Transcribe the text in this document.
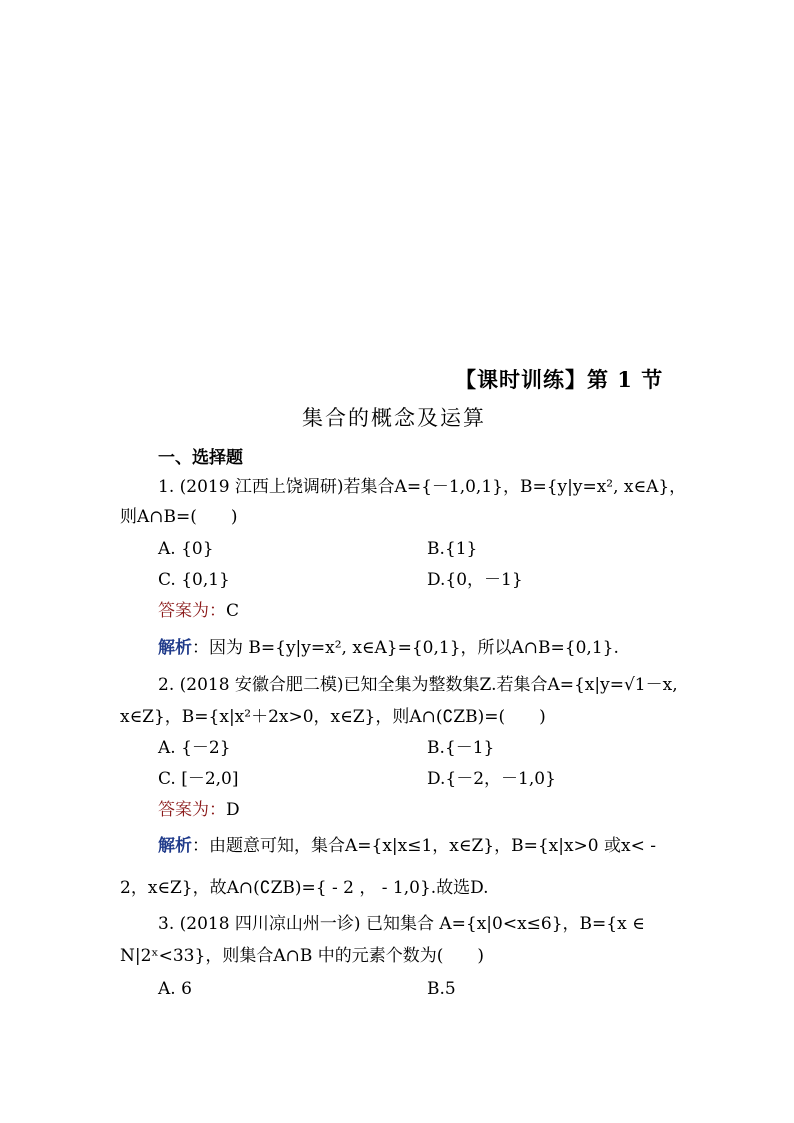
【课时训练】第 1 节
集合的概念及运算
一、选择题
1. (2019 江西上饶调研)若集合A={－1,0,1}，B={y|y=x², x∈A}，
则A∩B=(　　)
A. {0}	B.{1}
C. {0,1}	D.{0，－1}
答案为：C
解析：因为 B={y|y=x², x∈A}={0,1}，所以A∩B={0,1}.
2. (2018 安徽合肥二模)已知全集为整数集Z.若集合A={x|y=√1－x,
x∈Z}，B={x|x²＋2x>0，x∈Z}，则A∩(∁ZB)=(　　)
A. {－2}	B.{－1}
C. [－2,0]	D.{－2，－1,0}
答案为：D
解析：由题意可知，集合A={x|x≤1，x∈Z}，B={x|x>0 或x< -
2，x∈Z}，故A∩(∁ZB)={ - 2 ， - 1,0}.故选D.
3. (2018 四川凉山州一诊) 已知集合 A={x|0<x≤6}，B={x ∈
N|2ˣ<33}，则集合A∩B 中的元素个数为(　　)
A. 6	B.5
